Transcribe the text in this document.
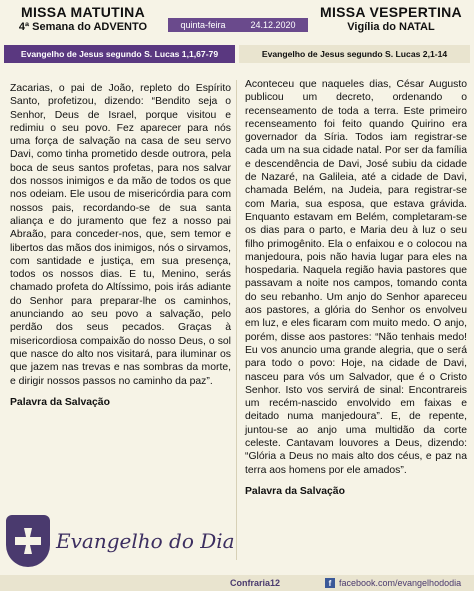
MISSA MATUTINA
4ª Semana do ADVENTO	quinta-feira	24.12.2020
MISSA VESPERTINA
Vigília do NATAL
Evangelho de Jesus segundo S. Lucas 1,1,67-79	Evangelho de Jesus segundo S. Lucas 2,1-14

Zacarias, o pai de João, repleto do Espírito Santo, profetizou, dizendo: “Bendito seja o Senhor, Deus de Israel, porque visitou e redimiu o seu povo. Fez aparecer para nós uma força de salvação na casa de seu servo Davi, como tinha prometido desde outrora, pela boca de seus santos profetas, para nos salvar dos nossos inimigos e da mão de todos os que nos odeiam. Ele usou de misericórdia para com nossos pais, recordando-se de sua santa aliança e do juramento que fez a nosso pai Abraão, para conceder-nos, que, sem temor e libertos das mãos dos inimigos, nós o sirvamos, com santidade e justiça, em sua presença, todos os nossos dias. E tu, Menino, serás chamado profeta do Altíssimo, pois irás adiante do Senhor para preparar-lhe os caminhos, anunciando ao seu povo a salvação, pelo perdão dos seus pecados. Graças à misericordiosa compaixão do nosso Deus, o sol que nasce do alto nos visitará, para iluminar os que jazem nas trevas e nas sombras da morte, e dirigir nossos passos no caminho da paz”.

Palavra da Salvação

Aconteceu que naqueles dias, César Augusto publicou um decreto, ordenando o recenseamento de toda a terra. Este primeiro recenseamento foi feito quando Quirino era governador da Síria. Todos iam registrar-se cada um na sua cidade natal. Por ser da família e descendência de Davi, José subiu da cidade de Nazaré, na Galileia, até a cidade de Davi, chamada Belém, na Judeia, para registrar-se com Maria, sua esposa, que estava grávida. Enquanto estavam em Belém, completaram-se os dias para o parto, e Maria deu à luz o seu filho primogênito. Ela o enfaixou e o colocou na manjedoura, pois não havia lugar para eles na hospedaria. Naquela região havia pastores que passavam a noite nos campos, tomando conta do seu rebanho. Um anjo do Senhor apareceu aos pastores, a glória do Senhor os envolveu em luz, e eles ficaram com muito medo. O anjo, porém, disse aos pastores: “Não tenhais medo! Eu vos anuncio uma grande alegria, que o será para todo o povo: Hoje, na cidade de Davi, nasceu para vós um Salvador, que é o Cristo Senhor. Isto vos servirá de sinal: Encontrareis um recém-nascido envolvido em faixas e deitado numa manjedoura”. E, de repente, juntou-se ao anjo uma multidão da corte celeste. Cantavam louvores a Deus, dizendo: “Glória a Deus no mais alto dos céus, e paz na terra aos homens por ele amados”.

Palavra da Salvação

Evangelho do Dia
Confraria12	f facebook.com/evangelhododia
